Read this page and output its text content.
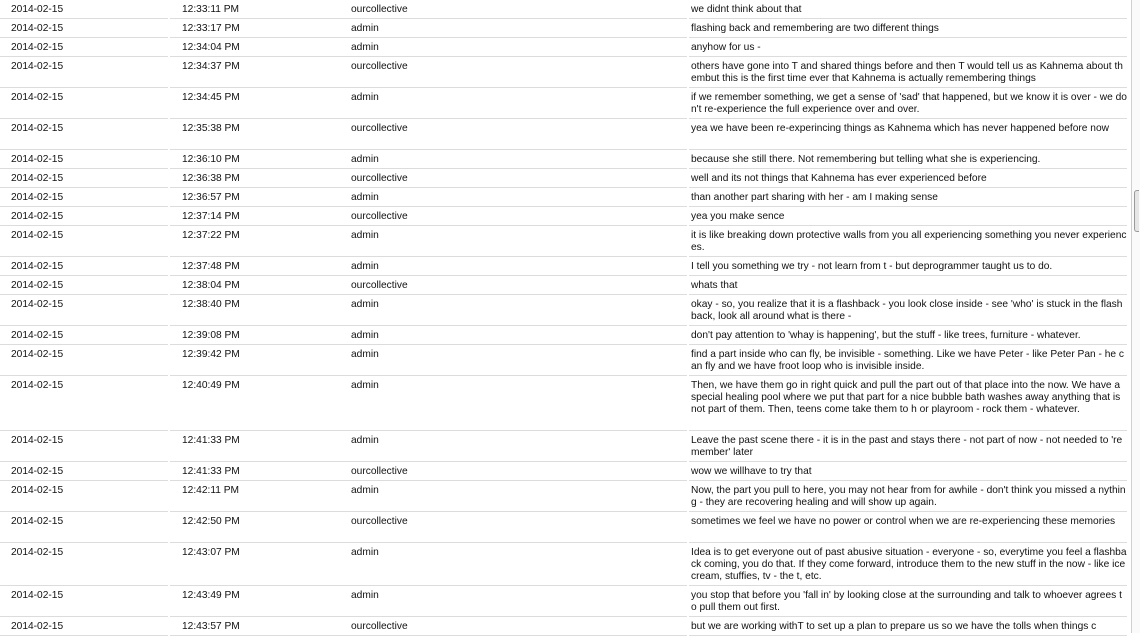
2014-02-15	12:33:11 PM	ourcollective	we didnt think about that
2014-02-15	12:33:17 PM	admin	flashing back and remembering are two different things
2014-02-15	12:34:04 PM	admin	anyhow for us -
2014-02-15	12:34:37 PM	ourcollective	others have gone into T and shared things before and then T would tell us as Kahnema about thembut this is the first time ever that Kahnema is actually remembering things
2014-02-15	12:34:45 PM	admin	if we remember something, we get a sense of 'sad' that happened, but we know it is over - we don't re-experience the full experience over and over.
2014-02-15	12:35:38 PM	ourcollective	yea we have been re-experincing things as Kahnema which has never happened before now
2014-02-15	12:36:10 PM	admin	because she still there. Not remembering but telling what she is experiencing.
2014-02-15	12:36:38 PM	ourcollective	well and its not things that Kahnema has ever experienced before
2014-02-15	12:36:57 PM	admin	than another part sharing with her - am I making sense
2014-02-15	12:37:14 PM	ourcollective	yea you make sence
2014-02-15	12:37:22 PM	admin	it is like breaking down protective walls from you all experiencing something you never experiences.
2014-02-15	12:37:48 PM	admin	I tell you something we try - not learn from t - but deprogrammer taught us to do.
2014-02-15	12:38:04 PM	ourcollective	whats that
2014-02-15	12:38:40 PM	admin	okay - so, you realize that it is a flashback - you look close inside - see 'who' is stuck in the flashback, look all around what is there -
2014-02-15	12:39:08 PM	admin	don't pay attention to 'whay is happening', but the stuff - like trees, furniture - whatever.
2014-02-15	12:39:42 PM	admin	find a part inside who can fly, be invisible - something. Like we have Peter - like Peter Pan - he can fly and we have froot loop who is invisible inside.
2014-02-15	12:40:49 PM	admin	Then, we have them go in right quick and pull the part out of that place into the now. We have a special healing pool where we put that part for a nice bubble bath washes away anything that is not part of them. Then, teens come take them to h or playroom - rock them - whatever.
2014-02-15	12:41:33 PM	admin	Leave the past scene there - it is in the past and stays there - not part of now - not needed to 'remember' later
2014-02-15	12:41:33 PM	ourcollective	wow we willhave to try that
2014-02-15	12:42:11 PM	admin	Now, the part you pull to here, you may not hear from for awhile - don't think you missed a nything - they are recovering healing and will show up again.
2014-02-15	12:42:50 PM	ourcollective	sometimes we feel we have no power or control when we are re-experiencing these memories
2014-02-15	12:43:07 PM	admin	Idea is to get everyone out of past abusive situation - everyone - so, everytime you feel a flashback coming, you do that. If they come forward, introduce them to the new stuff in the now - like icecream, stuffies, tv - the t, etc.
2014-02-15	12:43:49 PM	admin	you stop that before you 'fall in' by looking close at the surrounding and talk to whoever agrees to pull them out first.
2014-02-15	12:43:57 PM	ourcollective	but we are working withT to set up a plan to prepare us so we have the tolls when things c
